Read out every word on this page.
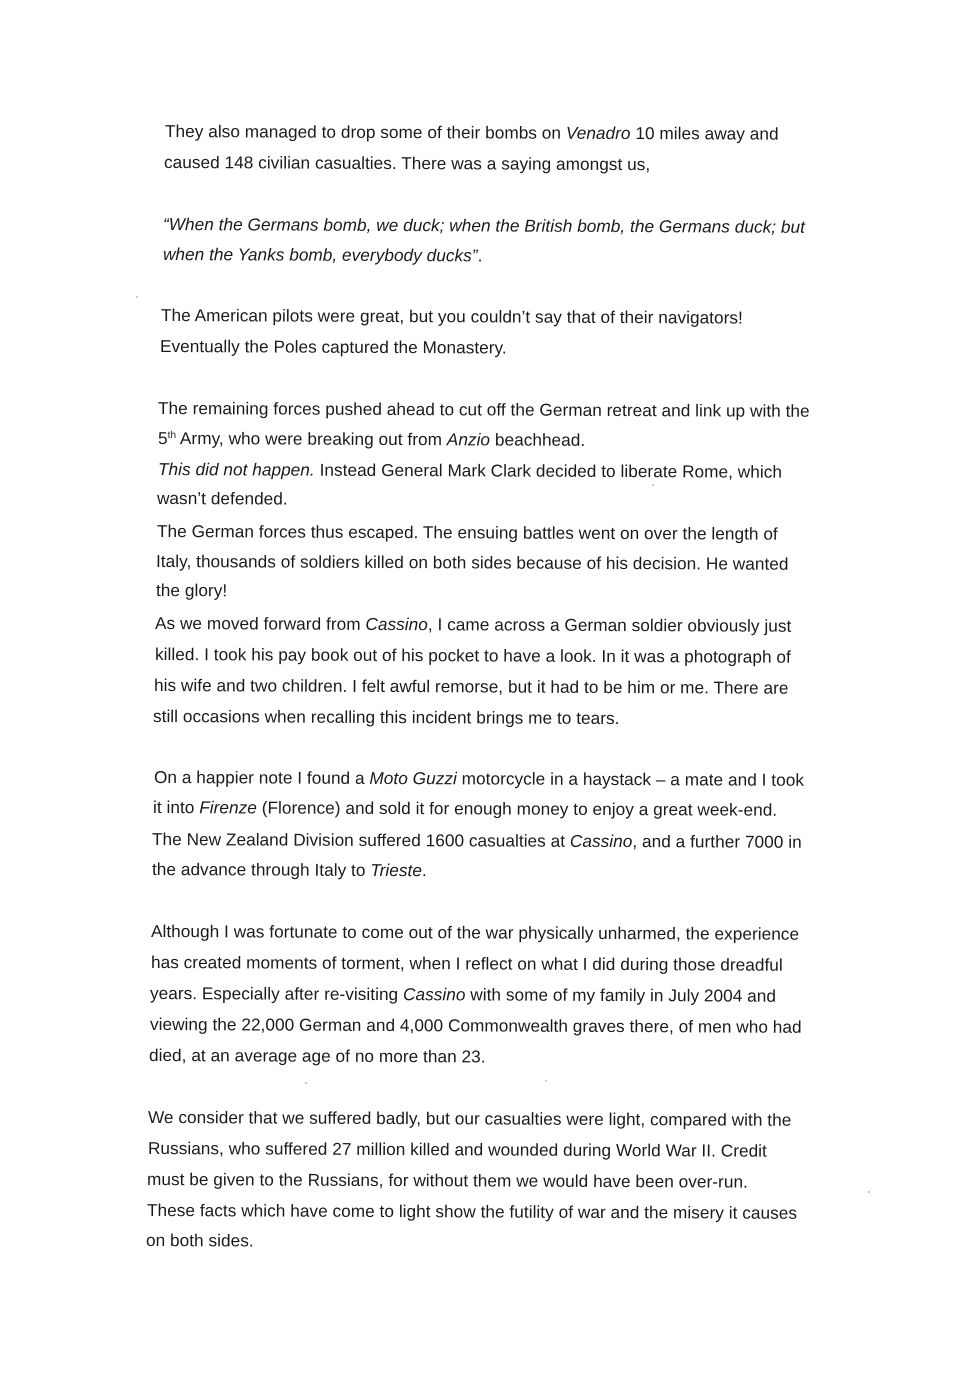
They also managed to drop some of their bombs on Venadro 10 miles away and
caused 148 civilian casualties. There was a saying amongst us,
“When the Germans bomb, we duck; when the British bomb, the Germans duck; but
when the Yanks bomb, everybody ducks”.
The American pilots were great, but you couldn’t say that of their navigators!
Eventually the Poles captured the Monastery.
The remaining forces pushed ahead to cut off the German retreat and link up with the
5th Army, who were breaking out from Anzio beachhead.
This did not happen. Instead General Mark Clark decided to liberate Rome, which
wasn’t defended.
The German forces thus escaped. The ensuing battles went on over the length of
Italy, thousands of soldiers killed on both sides because of his decision. He wanted
the glory!
As we moved forward from Cassino, I came across a German soldier obviously just
killed. I took his pay book out of his pocket to have a look. In it was a photograph of
his wife and two children. I felt awful remorse, but it had to be him or me. There are
still occasions when recalling this incident brings me to tears.
On a happier note I found a Moto Guzzi motorcycle in a haystack – a mate and I took
it into Firenze (Florence) and sold it for enough money to enjoy a great week-end.
The New Zealand Division suffered 1600 casualties at Cassino, and a further 7000 in
the advance through Italy to Trieste.
Although I was fortunate to come out of the war physically unharmed, the experience
has created moments of torment, when I reflect on what I did during those dreadful
years. Especially after re-visiting Cassino with some of my family in July 2004 and
viewing the 22,000 German and 4,000 Commonwealth graves there, of men who had
died, at an average age of no more than 23.
We consider that we suffered badly, but our casualties were light, compared with the
Russians, who suffered 27 million killed and wounded during World War II. Credit
must be given to the Russians, for without them we would have been over-run.
These facts which have come to light show the futility of war and the misery it causes
on both sides.
